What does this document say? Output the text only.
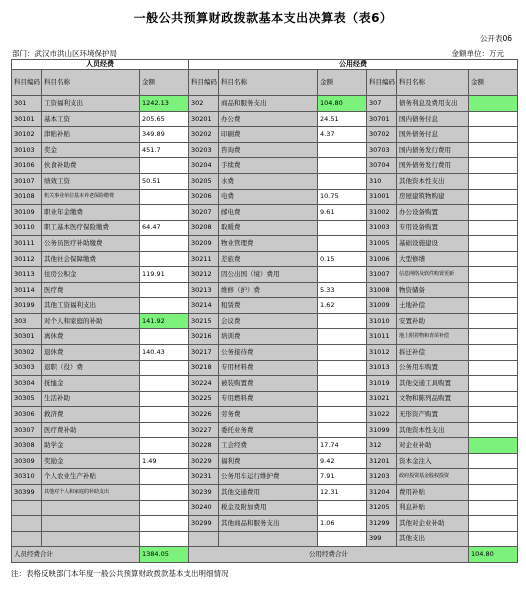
一般公共预算财政拨款基本支出决算表（表6）
公开表06
部门：武汉市洪山区环境保护局	金额单位：万元
人员经费			公用经费					
科目编码	科目名称	金额	科目编码	科目名称	金额	科目编码	科目名称	金额
301	工资福利支出	1242.13	302	商品和服务支出	104.80	307	债务利息及费用支出	
30101	基本工资	205.65	30201	办公费	24.51	30701	国内债务付息	
30102	津贴补贴	349.89	30202	印刷费	4.37	30702	国外债务付息	
30103	奖金	451.7	30203	咨询费		30703	国内债务发行费用	
30106	伙食补助费		30204	手续费		30704	国外债务发行费用	
30107	绩效工资	50.51	30205	水费		310	其他资本性支出	
30108	机关事业单位基本养老保险缴费		30206	电费	10.75	31001	房屋建筑物购建	
30109	职业年金缴费		30207	邮电费	9.61	31002	办公设备购置	
30110	职工基本医疗保险缴费	64.47	30208	取暖费		31003	专用设备购置	
30111	公务员医疗补助缴费		30209	物业管理费		31005	基础设施建设	
30112	其他社会保障缴费		30211	差旅费	0.15	31006	大型修缮	
30113	住房公积金	119.91	30212	因公出国（境）费用		31007	信息网络及软件购置更新	
30114	医疗费		30213	维修（护）费	5.33	31008	物资储备	
30199	其他工资福利支出		30214	租赁费	1.62	31009	土地补偿	
303	对个人和家庭的补助	141.92	30215	会议费		31010	安置补助	
30301	离休费		30216	培训费		31011	地上附着物和青苗补偿	
30302	退休费	140.43	30217	公务接待费		31012	拆迁补偿	
30303	退职（役）费		30218	专用材料费		31013	公务用车购置	
30304	抚恤金		30224	被装购置费		31019	其他交通工具购置	
30305	生活补助		30225	专用燃料费		31021	文物和陈列品购置	
30306	救济费		30226	劳务费		31022	无形资产购置	
30307	医疗费补助		30227	委托业务费		31099	其他资本性支出	
30308	助学金		30228	工会经费	17.74	312	对企业补助	
30309	奖励金	1.49	30229	福利费	9.42	31201	资本金注入	
30310	个人农业生产补贴		30231	公务用车运行维护费	7.91	31203	政府投资基金股权投资	
30399	其他对个人和家庭的补助支出		30239	其他交通费用	12.31	31204	费用补贴	
			30240	税金及附加费用		31205	利息补贴	
			30299	其他商品和服务支出	1.06	31299	其他对企业补助	
						399	其他支出	
人员经费合计		1384.05	公用经费合计					104.80
注：表格反映部门本年度一般公共预算财政拨款基本支出明细情况
